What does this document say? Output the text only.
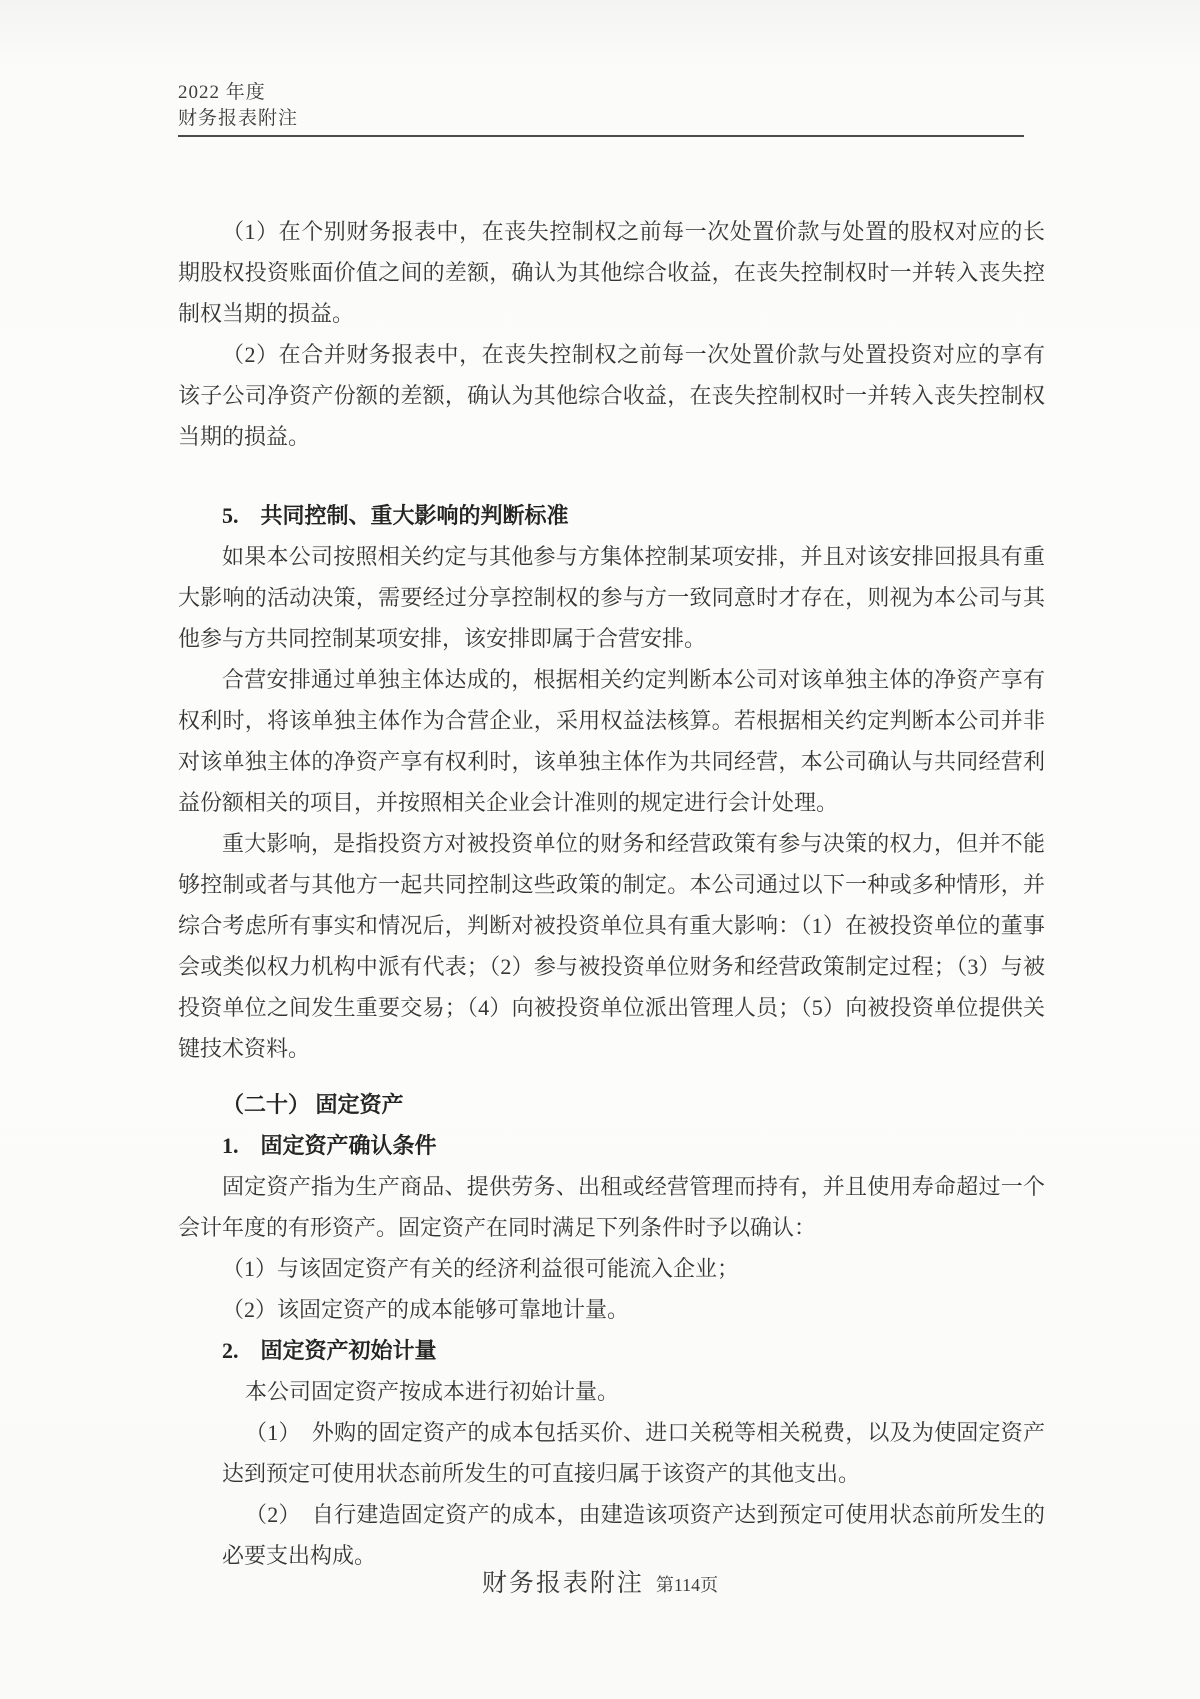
2022 年度
财务报表附注

（1）在个别财务报表中，在丧失控制权之前每一次处置价款与处置的股权对应的长期股权投资账面价值之间的差额，确认为其他综合收益，在丧失控制权时一并转入丧失控制权当期的损益。

（2）在合并财务报表中，在丧失控制权之前每一次处置价款与处置投资对应的享有该子公司净资产份额的差额，确认为其他综合收益，在丧失控制权时一并转入丧失控制权当期的损益。

5.　共同控制、重大影响的判断标准

如果本公司按照相关约定与其他参与方集体控制某项安排，并且对该安排回报具有重大影响的活动决策，需要经过分享控制权的参与方一致同意时才存在，则视为本公司与其他参与方共同控制某项安排，该安排即属于合营安排。

合营安排通过单独主体达成的，根据相关约定判断本公司对该单独主体的净资产享有权利时，将该单独主体作为合营企业，采用权益法核算。若根据相关约定判断本公司并非对该单独主体的净资产享有权利时，该单独主体作为共同经营，本公司确认与共同经营利益份额相关的项目，并按照相关企业会计准则的规定进行会计处理。

重大影响，是指投资方对被投资单位的财务和经营政策有参与决策的权力，但并不能够控制或者与其他方一起共同控制这些政策的制定。本公司通过以下一种或多种情形，并综合考虑所有事实和情况后，判断对被投资单位具有重大影响：（1）在被投资单位的董事会或类似权力机构中派有代表；（2）参与被投资单位财务和经营政策制定过程；（3）与被投资单位之间发生重要交易；（4）向被投资单位派出管理人员；（5）向被投资单位提供关键技术资料。

（二十） 固定资产

1.　固定资产确认条件

固定资产指为生产商品、提供劳务、出租或经营管理而持有，并且使用寿命超过一个会计年度的有形资产。固定资产在同时满足下列条件时予以确认：

（1）与该固定资产有关的经济利益很可能流入企业；

（2）该固定资产的成本能够可靠地计量。

2.　固定资产初始计量

本公司固定资产按成本进行初始计量。

（1）　外购的固定资产的成本包括买价、进口关税等相关税费，以及为使固定资产达到预定可使用状态前所发生的可直接归属于该资产的其他支出。

（2）　自行建造固定资产的成本，由建造该项资产达到预定可使用状态前所发生的必要支出构成。

财务报表附注 第114页
